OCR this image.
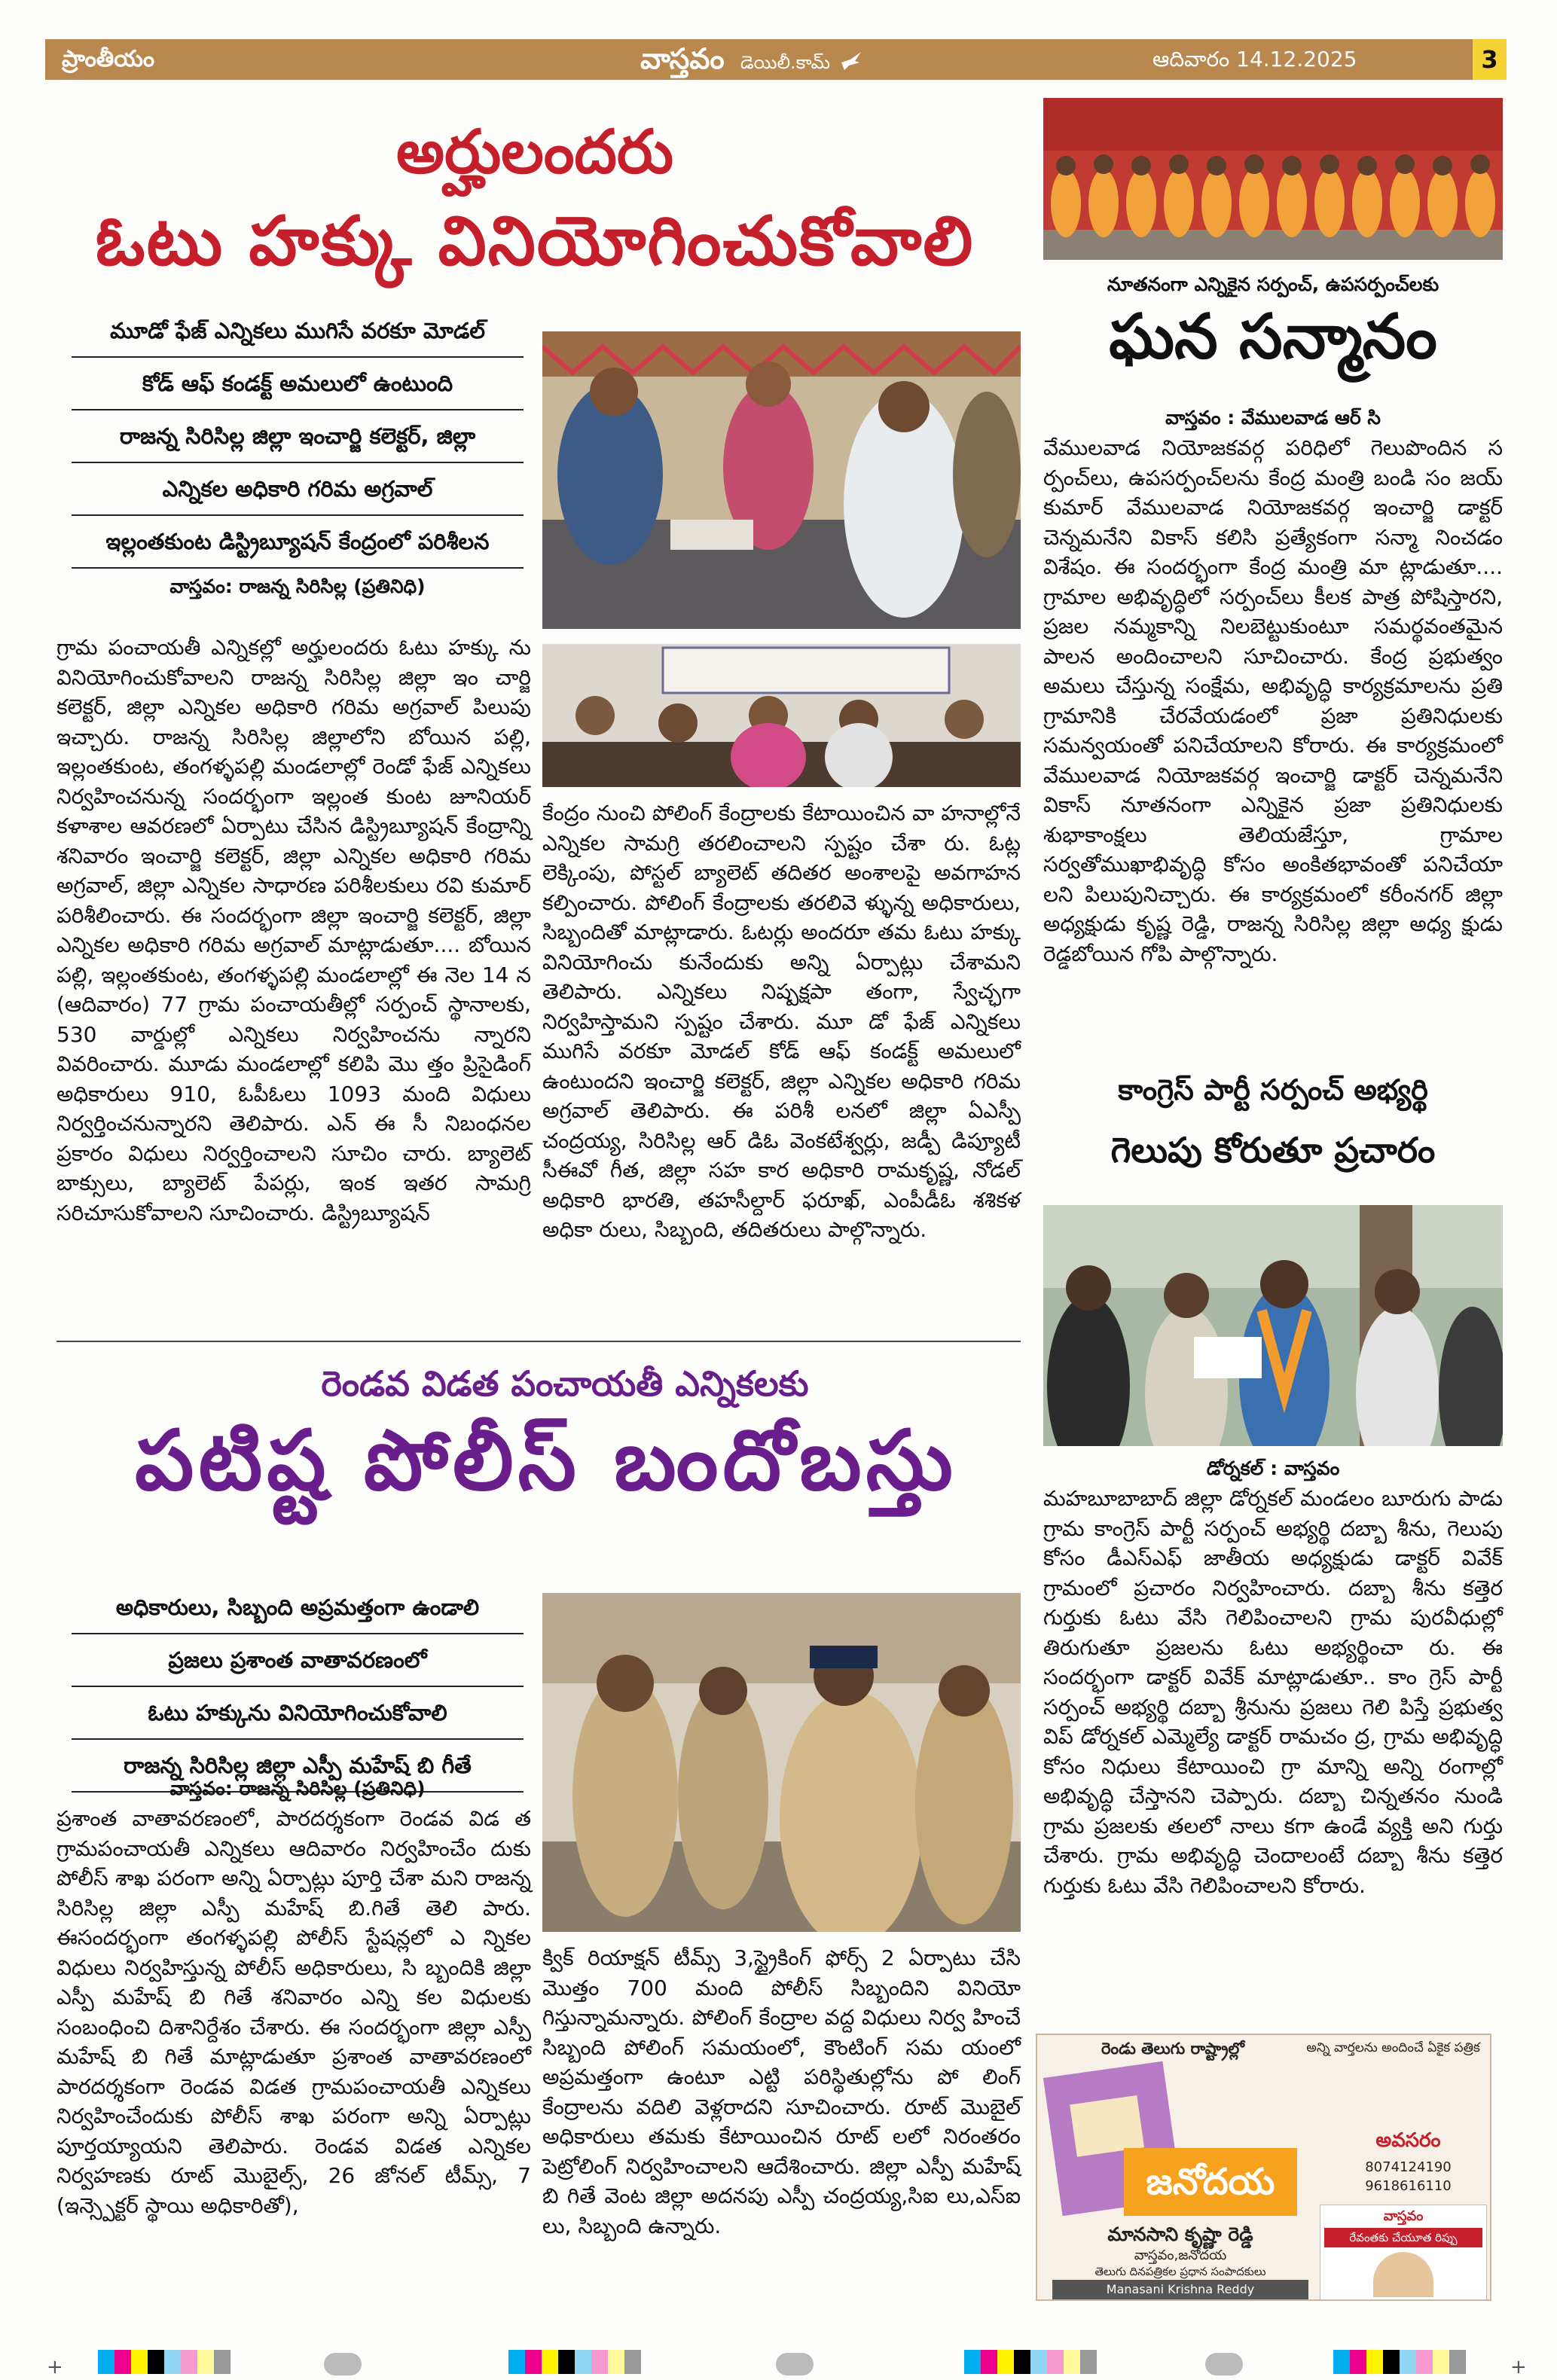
ప్రాంతీయం	వాస్తవం డెయిలీ.కామ్	ఆదివారం 14.12.2025	3
అర్హులందరు
ఓటు హక్కు వినియోగించుకోవాలి
మూడో ఫేజ్ ఎన్నికలు ముగిసే వరకూ మోడల్
కోడ్ ఆఫ్ కండక్ట్ అమలులో ఉంటుంది
రాజన్న సిరిసిల్ల జిల్లా ఇంచార్జి కలెక్టర్, జిల్లా
ఎన్నికల అధికారి గరిమ అగ్రవాల్
ఇల్లంతకుంట డిస్ట్రిబ్యూషన్ కేంద్రంలో పరిశీలన
వాస్తవం: రాజన్న సిరిసిల్ల (ప్రతినిధి)

గ్రామ పంచాయతీ ఎన్నికల్లో అర్హులందరు ఓటు హక్కు ను వినియోగించుకోవాలని రాజన్న సిరిసిల్ల జిల్లా ఇం చార్జి కలెక్టర్, జిల్లా ఎన్నికల అధికారి గరిమ అగ్రవాల్ పిలుపు ఇచ్చారు. రాజన్న సిరిసిల్ల జిల్లాలోని బోయిన పల్లి, ఇల్లంతకుంట, తంగళ్ళపల్లి మండలాల్లో రెండో ఫేజ్ ఎన్నికలు నిర్వహించనున్న సందర్భంగా ఇల్లంత కుంట జూనియర్ కళాశాల ఆవరణలో ఏర్పాటు చేసిన డిస్ట్రిబ్యూషన్ కేంద్రాన్ని శనివారం ఇంచార్జి కలెక్టర్, జిల్లా ఎన్నికల అధికారి గరిమ అగ్రవాల్, జిల్లా ఎన్నికల సాధారణ పరిశీలకులు రవి కుమార్ పరిశీలించారు. ఈ సందర్భంగా జిల్లా ఇంచార్జి కలెక్టర్, జిల్లా ఎన్నికల అధికారి గరిమ అగ్రవాల్ మాట్లాడుతూ.... బోయిన పల్లి, ఇల్లంతకుంట, తంగళ్ళపల్లి మండలాల్లో ఈ నెల 14 న (ఆదివారం) 77 గ్రామ పంచాయతీల్లో సర్పంచ్ స్థానాలకు, 530 వార్డుల్లో ఎన్నికలు నిర్వహించను న్నారని వివరించారు. మూడు మండలాల్లో కలిపి మొ త్తం ప్రిసైడింగ్ అధికారులు 910, ఓపీఓలు 1093 మంది విధులు నిర్వర్తించనున్నారని తెలిపారు. ఎన్ ఈ సీ నిబంధనల ప్రకారం విధులు నిర్వర్తించాలని సూచిం చారు. బ్యాలెట్ బాక్సులు, బ్యాలెట్ పేపర్లు, ఇంక ఇతర సామగ్రి సరిచూసుకోవాలని సూచించారు. డిస్ట్రిబ్యూషన్

కేంద్రం నుంచి పోలింగ్ కేంద్రాలకు కేటాయించిన వా హనాల్లోనే ఎన్నికల సామగ్రి తరలించాలని స్పష్టం చేశా రు. ఓట్ల లెక్కింపు, పోస్టల్ బ్యాలెట్ తదితర అంశాలపై అవగాహన కల్పించారు. పోలింగ్ కేంద్రాలకు తరలివె ళ్ళున్న అధికారులు, సిబ్బందితో మాట్లాడారు. ఓటర్లు అందరూ తమ ఓటు హక్కు వినియోగించు కునేందుకు అన్ని ఏర్పాట్లు చేశామని తెలిపారు. ఎన్నికలు నిష్పక్షపా తంగా, స్వేచ్ఛగా నిర్వహిస్తామని స్పష్టం చేశారు. మూ డో ఫేజ్ ఎన్నికలు ముగిసే వరకూ మోడల్ కోడ్ ఆఫ్ కండక్ట్ అమలులో ఉంటుందని ఇంచార్జి కలెక్టర్, జిల్లా ఎన్నికల అధికారి గరిమ అగ్రవాల్ తెలిపారు. ఈ పరిశీ లనలో జిల్లా ఏఎస్పీ చంద్రయ్య, సిరిసిల్ల ఆర్ డిఓ వెంకటేశ్వర్లు, జడ్పీ డిప్యూటీ సీఈవో గీత, జిల్లా సహ కార అధికారి రామకృష్ణ, నోడల్ అధికారి భారతి, తహసీల్దార్ ఫరూఖ్, ఎంపీడీఓ శశికళ అధికా రులు, సిబ్బంది, తదితరులు పాల్గొన్నారు.

రెండవ విడత పంచాయతీ ఎన్నికలకు
పటిష్ట పోలీస్ బందోబస్తు
అధికారులు, సిబ్బంది అప్రమత్తంగా ఉండాలి
ప్రజలు ప్రశాంత వాతావరణంలో
ఓటు హక్కును వినియోగించుకోవాలి
రాజన్న సిరిసిల్ల జిల్లా ఎస్పీ మహేష్ బి గీతే
వాస్తవం: రాజన్న సిరిసిల్ల (ప్రతినిధి)

ప్రశాంత వాతావరణంలో, పారదర్శకంగా రెండవ విడ త గ్రామపంచాయతీ ఎన్నికలు ఆదివారం నిర్వహించేం దుకు పోలీస్ శాఖ పరంగా అన్ని ఏర్పాట్లు పూర్తి చేశా మని రాజన్న సిరిసిల్ల జిల్లా ఎస్పీ మహేష్ బి.గితే తెలి పారు. ఈసందర్భంగా తంగళ్ళపల్లి పోలీస్ స్టేషన్లలో ఎ న్నికల విధులు నిర్వహిస్తున్న పోలీస్ అధికారులు, సి బ్బందికి జిల్లా ఎస్పీ మహేష్ బి గితే శనివారం ఎన్ని కల విధులకు సంబంధించి దిశానిర్దేశం చేశారు. ఈ సందర్భంగా జిల్లా ఎస్పీ మహేష్ బి గితే మాట్లాడుతూ ప్రశాంత వాతావరణంలో పారదర్శకంగా రెండవ విడత గ్రామపంచాయతీ ఎన్నికలు నిర్వహించేందుకు పోలీస్ శాఖ పరంగా అన్ని ఏర్పాట్లు పూర్తయ్యాయని తెలిపారు. రెండవ విడత ఎన్నికల నిర్వహణకు రూట్ మొబైల్స్, 26 జోనల్ టీమ్స్, 7 (ఇన్స్పెక్టర్ స్థాయి అధికారితో),

క్విక్ రియాక్షన్ టీమ్స్ 3,స్ట్రైకింగ్ ఫోర్స్ 2 ఏర్పాటు చేసి మొత్తం 700 మంది పోలీస్ సిబ్బందిని వినియో గిస్తున్నామన్నారు. పోలింగ్ కేంద్రాల వద్ద విధులు నిర్వ హించే సిబ్బంది పోలింగ్ సమయంలో, కౌంటింగ్ సమ యంలో అప్రమత్తంగా ఉంటూ ఎట్టి పరిస్థితుల్లోను పో లింగ్ కేంద్రాలను వదిలి వెళ్లరాదని సూచించారు. రూట్ మొబైల్ అధికారులు తమకు కేటాయించిన రూట్ లలో నిరంతరం పెట్రోలింగ్ నిర్వహించాలని ఆదేశించారు. జిల్లా ఎస్పీ మహేష్ బి గితే వెంట జిల్లా అదనపు ఎస్పీ చంద్రయ్య,సిఐ లు,ఎస్ఐ లు, సిబ్బంది ఉన్నారు.

నూతనంగా ఎన్నికైన సర్పంచ్, ఉపసర్పంచ్‌లకు
ఘన సన్మానం
వాస్తవం : వేములవాడ ఆర్ సి

వేములవాడ నియోజకవర్గ పరిధిలో గెలుపొందిన స ర్పంచ్‌లు, ఉపసర్పంచ్‌లను కేంద్ర మంత్రి బండి సం జయ్ కుమార్ వేములవాడ నియోజకవర్గ ఇంచార్జి డాక్టర్ చెన్నమనేని వికాస్ కలిసి ప్రత్యేకంగా సన్మా నించడం విశేషం. ఈ సందర్భంగా కేంద్ర మంత్రి మా ట్లాడుతూ.... గ్రామాల అభివృద్ధిలో సర్పంచ్‌లు కీలక పాత్ర పోషిస్తారని, ప్రజల నమ్మకాన్ని నిలబెట్టుకుంటూ సమర్థవంతమైన పాలన అందించాలని సూచించారు. కేంద్ర ప్రభుత్వం అమలు చేస్తున్న సంక్షేమ, అభివృద్ధి కార్యక్రమాలను ప్రతి గ్రామానికి చేరవేయడంలో ప్రజా ప్రతినిధులకు సమన్వయంతో పనిచేయాలని కోరారు. ఈ కార్యక్రమంలో వేములవాడ నియోజకవర్గ ఇంచార్జి డాక్టర్ చెన్నమనేని వికాస్ నూతనంగా ఎన్నికైన ప్రజా ప్రతినిధులకు శుభాకాంక్షలు తెలియజేస్తూ, గ్రామాల సర్వతోముఖాభివృద్ధి కోసం అంకితభావంతో పనిచేయా లని పిలుపునిచ్చారు. ఈ కార్యక్రమంలో కరీంనగర్ జిల్లా అధ్యక్షుడు కృష్ణ రెడ్డి, రాజన్న సిరిసిల్ల జిల్లా అధ్య క్షుడు రెడ్డబోయిన గోపి పాల్గొన్నారు.

కాంగ్రెస్ పార్టీ సర్పంచ్ అభ్యర్థి
గెలుపు కోరుతూ ప్రచారం
డోర్నకల్ : వాస్తవం

మహబూబాబాద్ జిల్లా డోర్నకల్ మండలం బూరుగు పాడు గ్రామ కాంగ్రెస్ పార్టీ సర్పంచ్ అభ్యర్థి దబ్బా శీను, గెలుపు కోసం డీఎస్ఎఫ్ జాతీయ అధ్యక్షుడు డాక్టర్ వివేక్ గ్రామంలో ప్రచారం నిర్వహించారు. దబ్బా శీను కత్తెర గుర్తుకు ఓటు వేసి గెలిపించాలని గ్రామ పురవీధుల్లో తిరుగుతూ ప్రజలను ఓటు అభ్యర్థించా రు. ఈ సందర్భంగా డాక్టర్ వివేక్ మాట్లాడుతూ.. కాం గ్రెస్ పార్టీ సర్పంచ్ అభ్యర్థి దబ్బా శ్రీనును ప్రజలు గెలి పిస్తే ప్రభుత్వ విప్ డోర్నకల్ ఎమ్మెల్యే డాక్టర్ రామచం ద్ర, గ్రామ అభివృద్ధి కోసం నిధులు కేటాయించి గ్రా మాన్ని అన్ని రంగాల్లో అభివృద్ధి చేస్తానని చెప్పారు. దబ్బా చిన్నతనం నుండి గ్రామ ప్రజలకు తలలో నాలు కగా ఉండే వ్యక్తి అని గుర్తు చేశారు. గ్రామ అభివృద్ధి చెందాలంటే దబ్బా శీను కత్తెర గుర్తుకు ఓటు వేసి గెలిపించాలని కోరారు.

రెండు తెలుగు రాష్ట్రాల్లో	అన్ని వార్తలను అందించే ఏకైక పత్రిక
జనోదయ
అవసరం
8074124190
9618616110
మానసాని కృష్ణా రెడ్డి
వాస్తవం,జనోదయ
తెలుగు దినపత్రికల ప్రధాన సంపాదకులు
Manasani Krishna Reddy
వాస్తవం
రేవంతకు చేయూత రిప్పు
+	+
